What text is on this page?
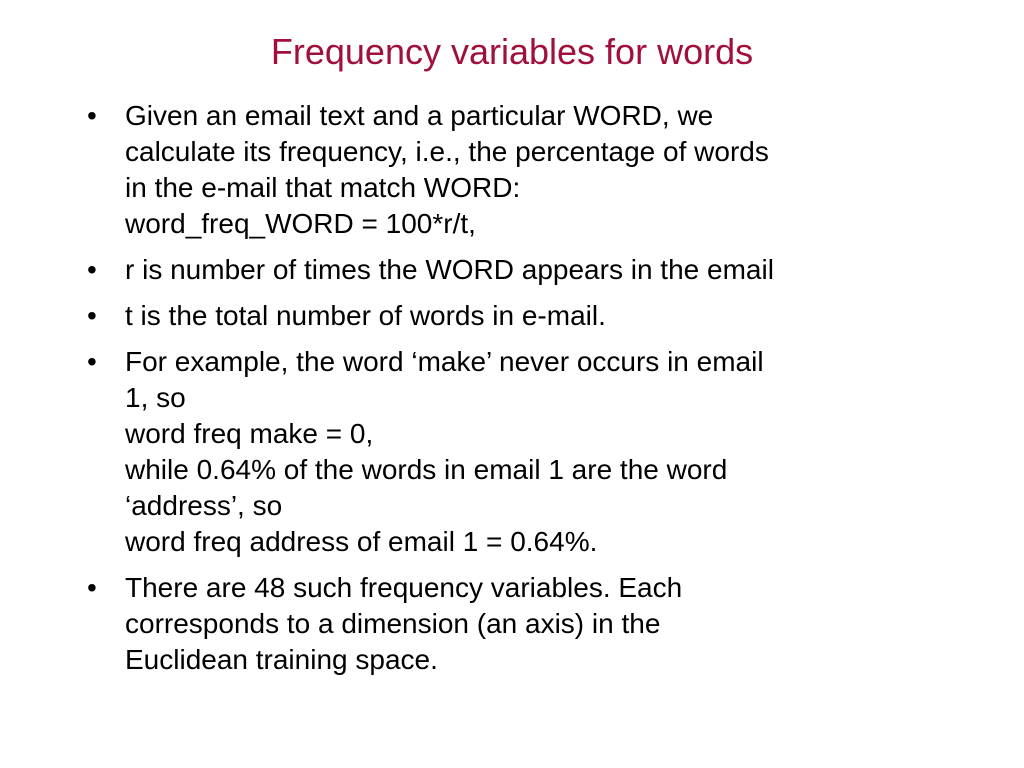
Frequency variables for words
•	Given an email text and a particular WORD, we
calculate its frequency, i.e., the percentage of words
in the e-mail that match WORD:
word_freq_WORD = 100*r/t,
•	r is number of times the WORD appears in the email
•	t is the total number of words in e-mail.
•	For example, the word ‘make’ never occurs in email
1, so
word freq make = 0,
while 0.64% of the words in email 1 are the word
‘address’, so
word freq address of email 1 = 0.64%.
•	There are 48 such frequency variables. Each
corresponds to a dimension (an axis) in the
Euclidean training space.
